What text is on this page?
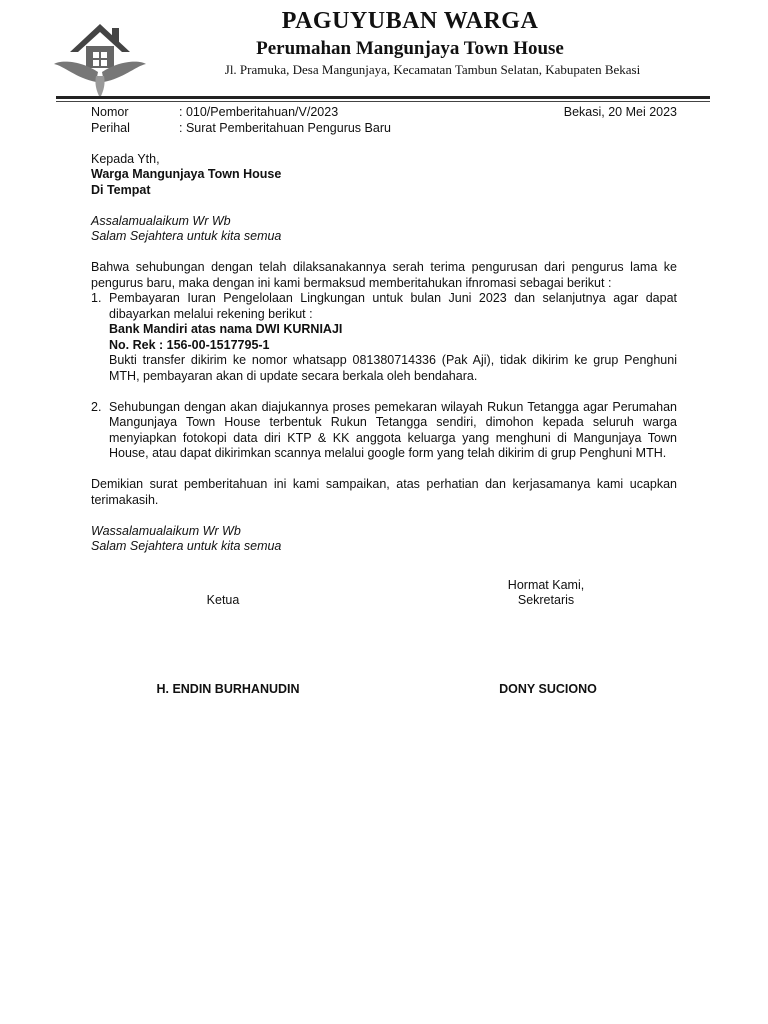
PAGUYUBAN WARGA
Perumahan Mangunjaya Town House
Jl. Pramuka, Desa Mangunjaya, Kecamatan Tambun Selatan, Kabupaten Bekasi
Nomor	: 010/Pemberitahuan/V/2023	Bekasi, 20 Mei 2023
Perihal	: Surat Pemberitahuan Pengurus Baru
Kepada Yth,
Warga Mangunjaya Town House
Di Tempat
Assalamualaikum Wr Wb
Salam Sejahtera untuk kita semua
Bahwa sehubungan dengan telah dilaksanakannya serah terima pengurusan dari pengurus lama ke pengurus baru, maka dengan ini kami bermaksud memberitahukan ifnromasi sebagai berikut :
1. Pembayaran Iuran Pengelolaan Lingkungan untuk bulan Juni 2023 dan selanjutnya agar dapat dibayarkan melalui rekening berikut :
Bank Mandiri atas nama DWI KURNIAJI
No. Rek : 156-00-1517795-1
Bukti transfer dikirim ke nomor whatsapp 081380714336 (Pak Aji), tidak dikirim ke grup Penghuni MTH, pembayaran akan di update secara berkala oleh bendahara.
2. Sehubungan dengan akan diajukannya proses pemekaran wilayah Rukun Tetangga agar Perumahan Mangunjaya Town House terbentuk Rukun Tetangga sendiri, dimohon kepada seluruh warga menyiapkan fotokopi data diri KTP & KK anggota keluarga yang menghuni di Mangunjaya Town House, atau dapat dikirimkan scannya melalui google form yang telah dikirim di grup Penghuni MTH.
Demikian surat pemberitahuan ini kami sampaikan, atas perhatian dan kerjasamanya kami ucapkan terimakasih.
Wassalamualaikum Wr Wb
Salam Sejahtera untuk kita semua
Hormat Kami,
Ketua	Sekretaris
H. ENDIN BURHANUDIN	DONY SUCIONO
